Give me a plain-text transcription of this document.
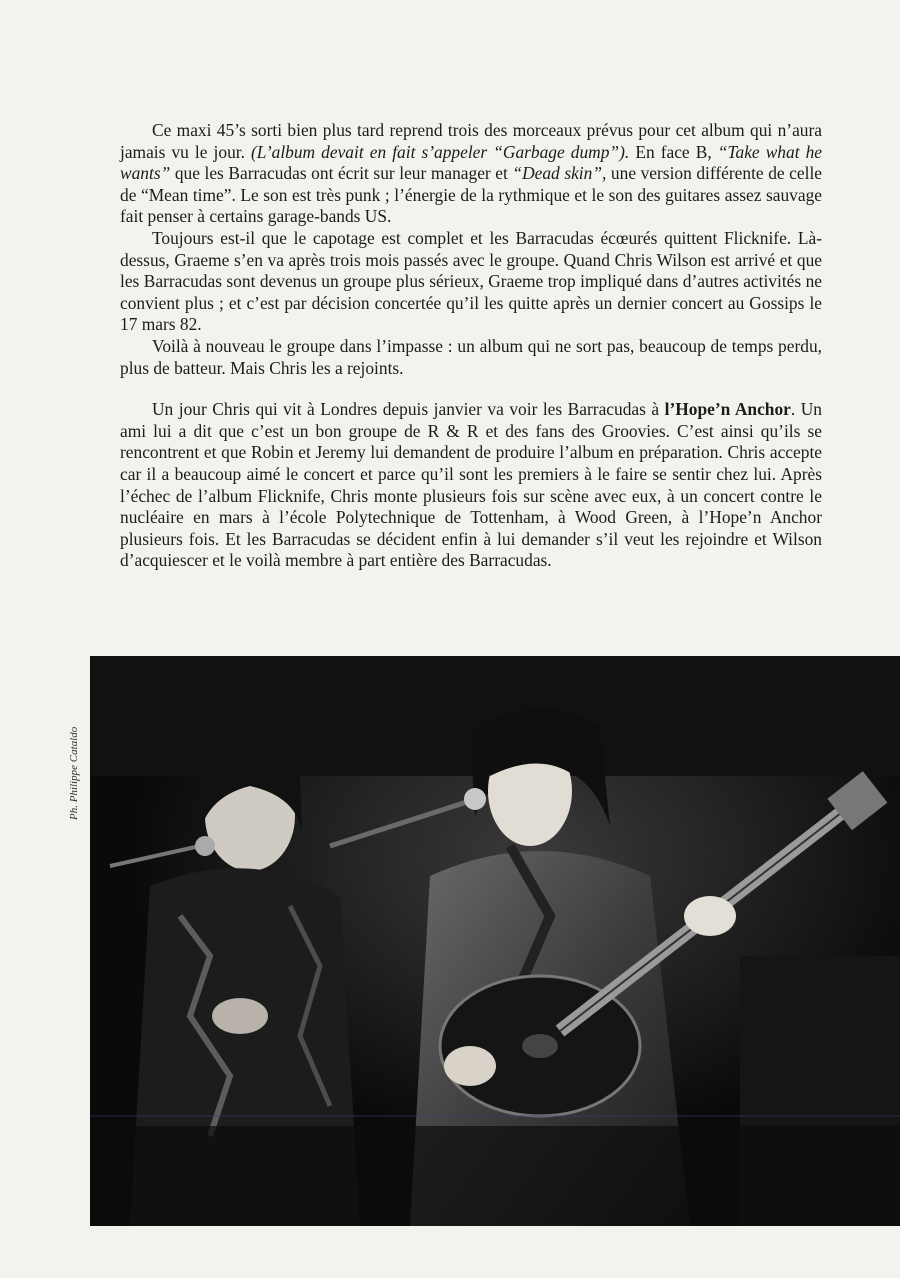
Ce maxi 45’s sorti bien plus tard reprend trois des morceaux prévus pour cet album qui n’aura jamais vu le jour. (L’album devait en fait s’appeler “Garbage dump”). En face B, “Take what he wants” que les Barracudas ont écrit sur leur manager et “Dead skin”, une version différente de celle de “Mean time”. Le son est très punk ; l’énergie de la rythmique et le son des guitares assez sauvage fait penser à certains garage-bands US.

Toujours est-il que le capotage est complet et les Barracudas écœurés quittent Flicknife. Là-dessus, Graeme s’en va après trois mois passés avec le groupe. Quand Chris Wilson est arrivé et que les Barracudas sont devenus un groupe plus sérieux, Graeme trop impliqué dans d’autres activités ne convient plus ; et c’est par décision concertée qu’il les quitte après un dernier concert au Gossips le 17 mars 82.

Voilà à nouveau le groupe dans l’impasse : un album qui ne sort pas, beaucoup de temps perdu, plus de batteur. Mais Chris les a rejoints.

Un jour Chris qui vit à Londres depuis janvier va voir les Barracudas à l’Hope’n Anchor. Un ami lui a dit que c’est un bon groupe de R & R et des fans des Groovies. C’est ainsi qu’ils se rencontrent et que Robin et Jeremy lui demandent de produire l’album en préparation. Chris accepte car il a beaucoup aimé le concert et parce qu’il sont les premiers à le faire se sentir chez lui. Après l’échec de l’album Flicknife, Chris monte plusieurs fois sur scène avec eux, à un concert contre le nucléaire en mars à l’école Polytechnique de Tottenham, à Wood Green, à l’Hope’n Anchor plusieurs fois. Et les Barracudas se décident enfin à lui demander s’il veut les rejoindre et Wilson d’acquiescer et le voilà membre à part entière des Barracudas.

Ph. Philippe Cataldo
